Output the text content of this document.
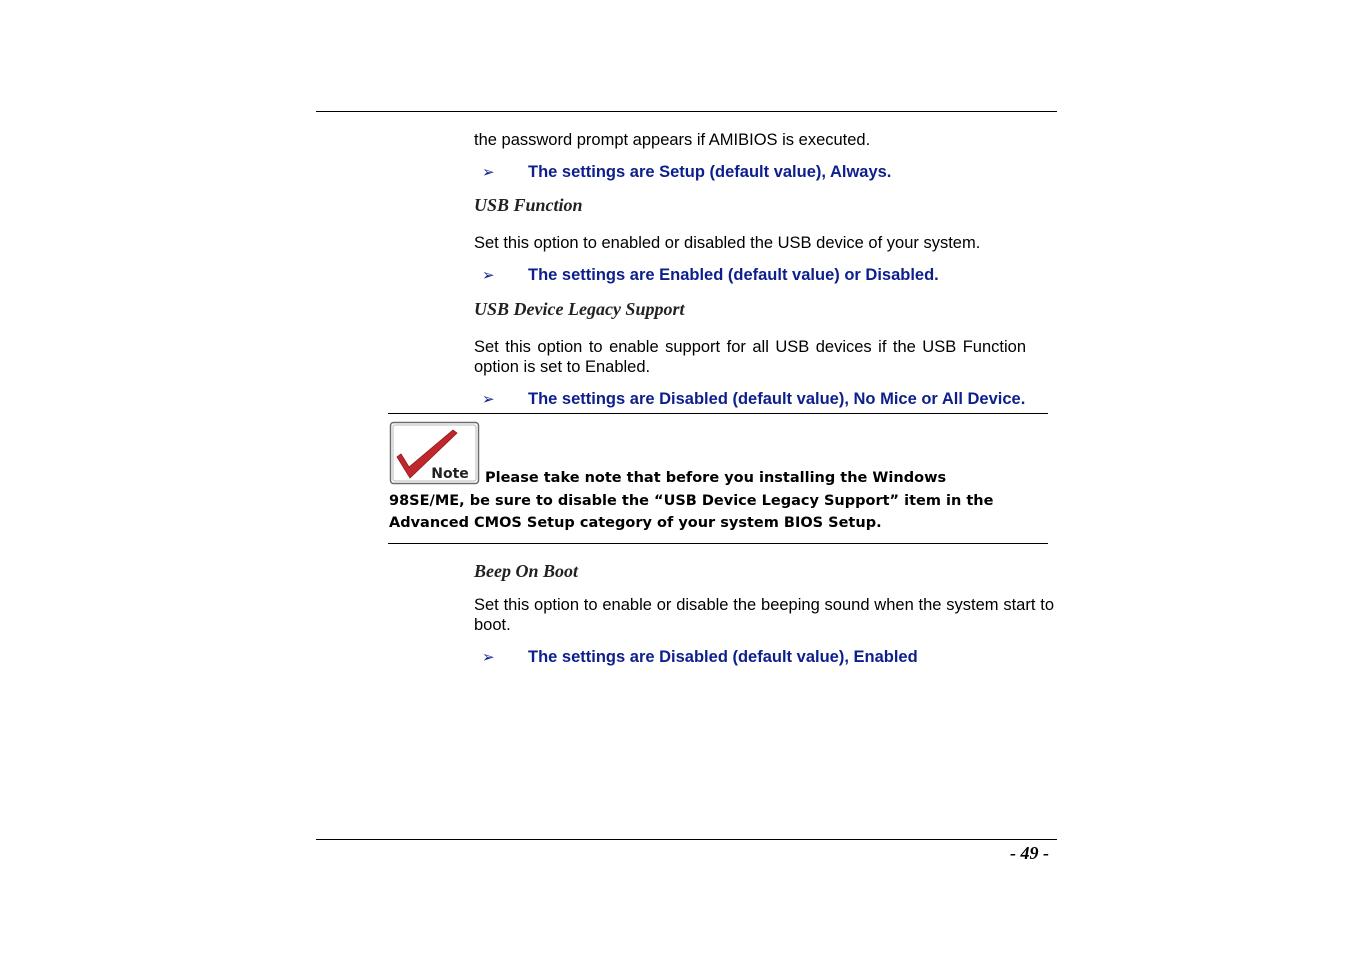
the password prompt appears if AMIBIOS is executed.
➢ The settings are Setup (default value), Always.
USB Function
Set this option to enabled or disabled the USB device of your system.
➢ The settings are Enabled (default value) or Disabled.
USB Device Legacy Support
Set this option to enable support for all USB devices if the USB Function option is set to Enabled.
➢ The settings are Disabled (default value), No Mice or All Device.
Note Please take note that before you installing the Windows
98SE/ME, be sure to disable the “USB Device Legacy Support” item in the
Advanced CMOS Setup category of your system BIOS Setup.
Beep On Boot
Set this option to enable or disable the beeping sound when the system start to boot.
➢ The settings are Disabled (default value), Enabled
- 49 -
